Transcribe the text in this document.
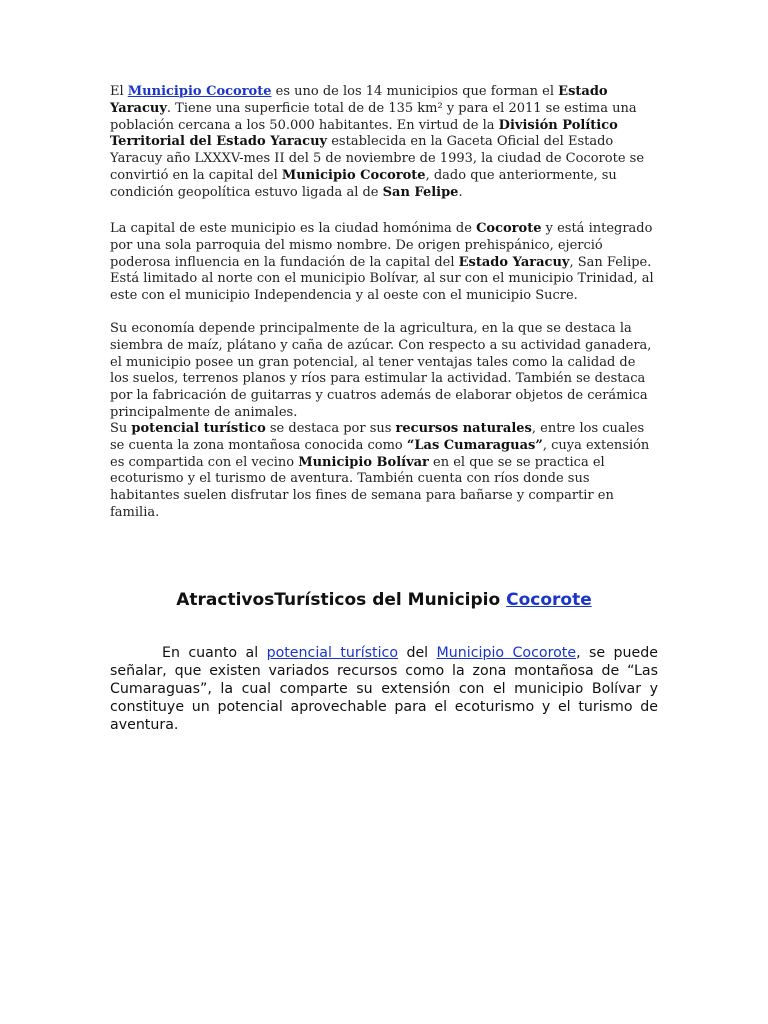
El Municipio Cocorote es uno de los 14 municipios que forman el Estado Yaracuy. Tiene una superficie total de de 135 km² y para el 2011 se estima una población cercana a los 50.000 habitantes. En virtud de la División Político Territorial del Estado Yaracuy establecida en la Gaceta Oficial del Estado Yaracuy año LXXXV-mes II del 5 de noviembre de 1993, la ciudad de Cocorote se convirtió en la capital del Municipio Cocorote, dado que anteriormente, su condición geopolítica estuvo ligada al de San Felipe.

La capital de este municipio es la ciudad homónima de Cocorote y está integrado por una sola parroquia del mismo nombre. De origen prehispánico, ejerció poderosa influencia en la fundación de la capital del Estado Yaracuy, San Felipe. Está limitado al norte con el municipio Bolívar, al sur con el municipio Trinidad, al este con el municipio Independencia y al oeste con el municipio Sucre.

Su economía depende principalmente de la agricultura, en la que se destaca la siembra de maíz, plátano y caña de azúcar. Con respecto a su actividad ganadera, el municipio posee un gran potencial, al tener ventajas tales como la calidad de los suelos, terrenos planos y ríos para estimular la actividad. También se destaca por la fabricación de guitarras y cuatros además de elaborar objetos de cerámica principalmente de animales.

Su potencial turístico se destaca por sus recursos naturales, entre los cuales se cuenta la zona montañosa conocida como “Las Cumaraguas”, cuya extensión es compartida con el vecino Municipio Bolívar en el que se se practica el ecoturismo y el turismo de aventura. También cuenta con ríos donde sus habitantes suelen disfrutar los fines de semana para bañarse y compartir en familia.

AtractivosTurísticos del Municipio Cocorote

En cuanto al potencial turístico del Municipio Cocorote, se puede señalar, que existen variados recursos como la zona montañosa de “Las Cumaraguas”, la cual comparte su extensión con el municipio Bolívar y constituye un potencial aprovechable para el ecoturismo y el turismo de aventura.
